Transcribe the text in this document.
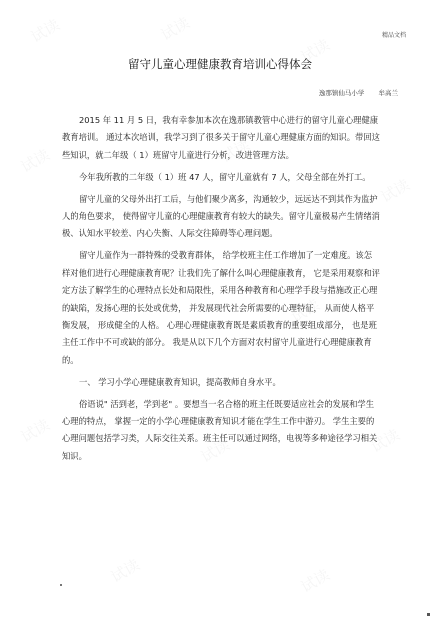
精品文档
留守儿童心理健康教育培训心得体会
逸那镇仙马小学 牟高兰

2015 年 11 月 5 日，我有幸参加本次在逸那镇教管中心进行的留守儿童心理健康教育培训。 通过本次培训，我学习到了很多关于留守儿童心理健康方面的知识。带回这些知识，就二年级（ 1）班留守儿童进行分析，改进管理方法。

今年我所教的二年级（ 1）班 47 人，留守儿童就有 7 人，父母全部在外打工。

留守儿童的父母外出打工后，与他们聚少离多，沟通较少，远远达不到其作为监护人的角色要求， 使得留守儿童的心理健康教育有较大的缺失。留守儿童极易产生情绪消极、认知水平较差、内心失衡、人际交往障碍等心理问题。

留守儿童作为一群特殊的受教育群体， 给学校班主任工作增加了一定难度。该怎样对他们进行心理健康教育呢？让我们先了解什么叫心理健康教育， 它是采用观察和评定方法了解学生的心理特点长处和局限性，采用各种教育和心理学手段与措施改正心理的缺陷，发扬心理的长处或优势， 并发展现代社会所需要的心理特征， 从而使人格平衡发展， 形成健全的人格。 心理心理健康教育既是素质教育的重要组成部分， 也是班主任工作中不可或缺的部分。 我是从以下几个方面对农村留守儿童进行心理健康教育的。

一、 学习小学心理健康教育知识，提高教师自身水平。

俗语说" 活到老，学到老" 。要想当一名合格的班主任既要适应社会的发展和学生心理的特点， 掌握一定的小学心理健康教育知识才能在学生工作中游刃。 学生主要的心理问题包括学习类，人际交往关系。班主任可以通过网络，电视等多种途径学习相关知识。
